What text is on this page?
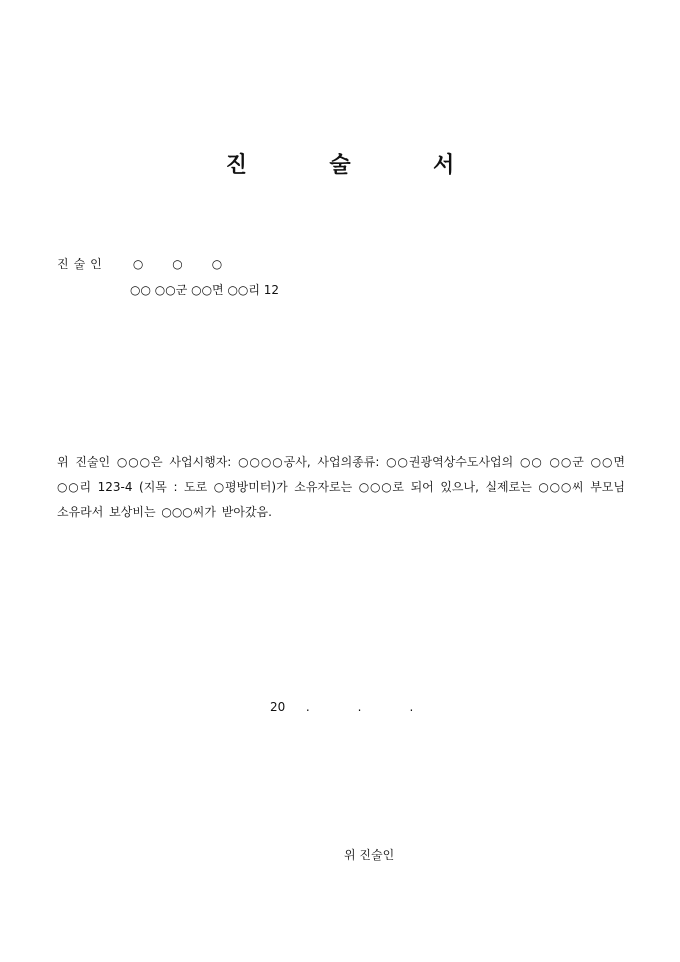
진	술	서
진술인 ○○○
○○ ○○군 ○○면 ○○리 12
위 진술인 ○○○은 사업시행자: ○○○○공사, 사업의종류: ○○권광역상수도사업의 ○○ ○○군 ○○면 ○○리 123-4 (지목 : 도로 ○평방미터)가 소유자로는 ○○○로 되어 있으나, 실제로는 ○○○씨 부모님 소유라서 보상비는 ○○○씨가 받아갔음.
20 .	.	.
위 진술인
